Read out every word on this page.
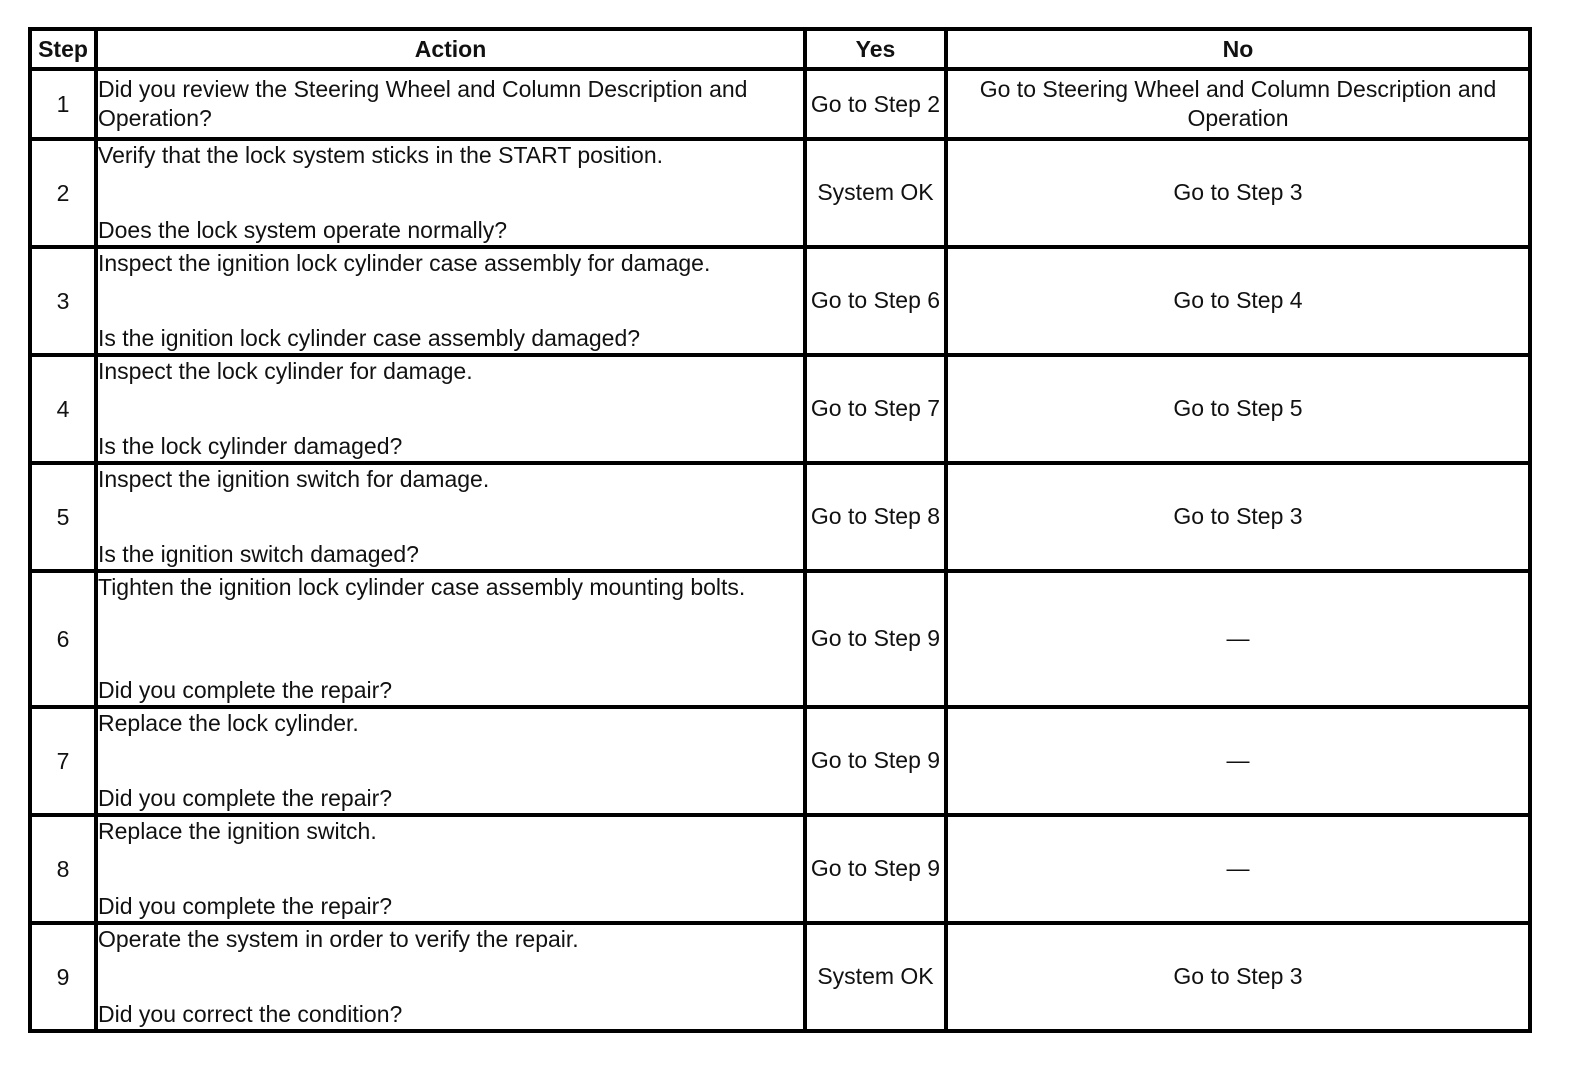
Step	Action	Yes	No
1	Did you review the Steering Wheel and Column Description and Operation?	Go to Step 2	Go to Steering Wheel and Column Description and Operation
2	Verify that the lock system sticks in the START position.
Does the lock system operate normally?	System OK	Go to Step 3

3	Inspect the ignition lock cylinder case assembly for damage.
Is the ignition lock cylinder case assembly damaged?	Go to Step 6	Go to Step 4

4	Inspect the lock cylinder for damage.
Is the lock cylinder damaged?	Go to Step 7	Go to Step 5

5	Inspect the ignition switch for damage.
Is the ignition switch damaged?	Go to Step 8	Go to Step 3

6	Tighten the ignition lock cylinder case assembly mounting bolts.
Did you complete the repair?	Go to Step 9	—

7	Replace the lock cylinder.
Did you complete the repair?	Go to Step 9	—

8	Replace the ignition switch.
Did you complete the repair?	Go to Step 9	—

9	Operate the system in order to verify the repair.
Did you correct the condition?	System OK	Go to Step 3
